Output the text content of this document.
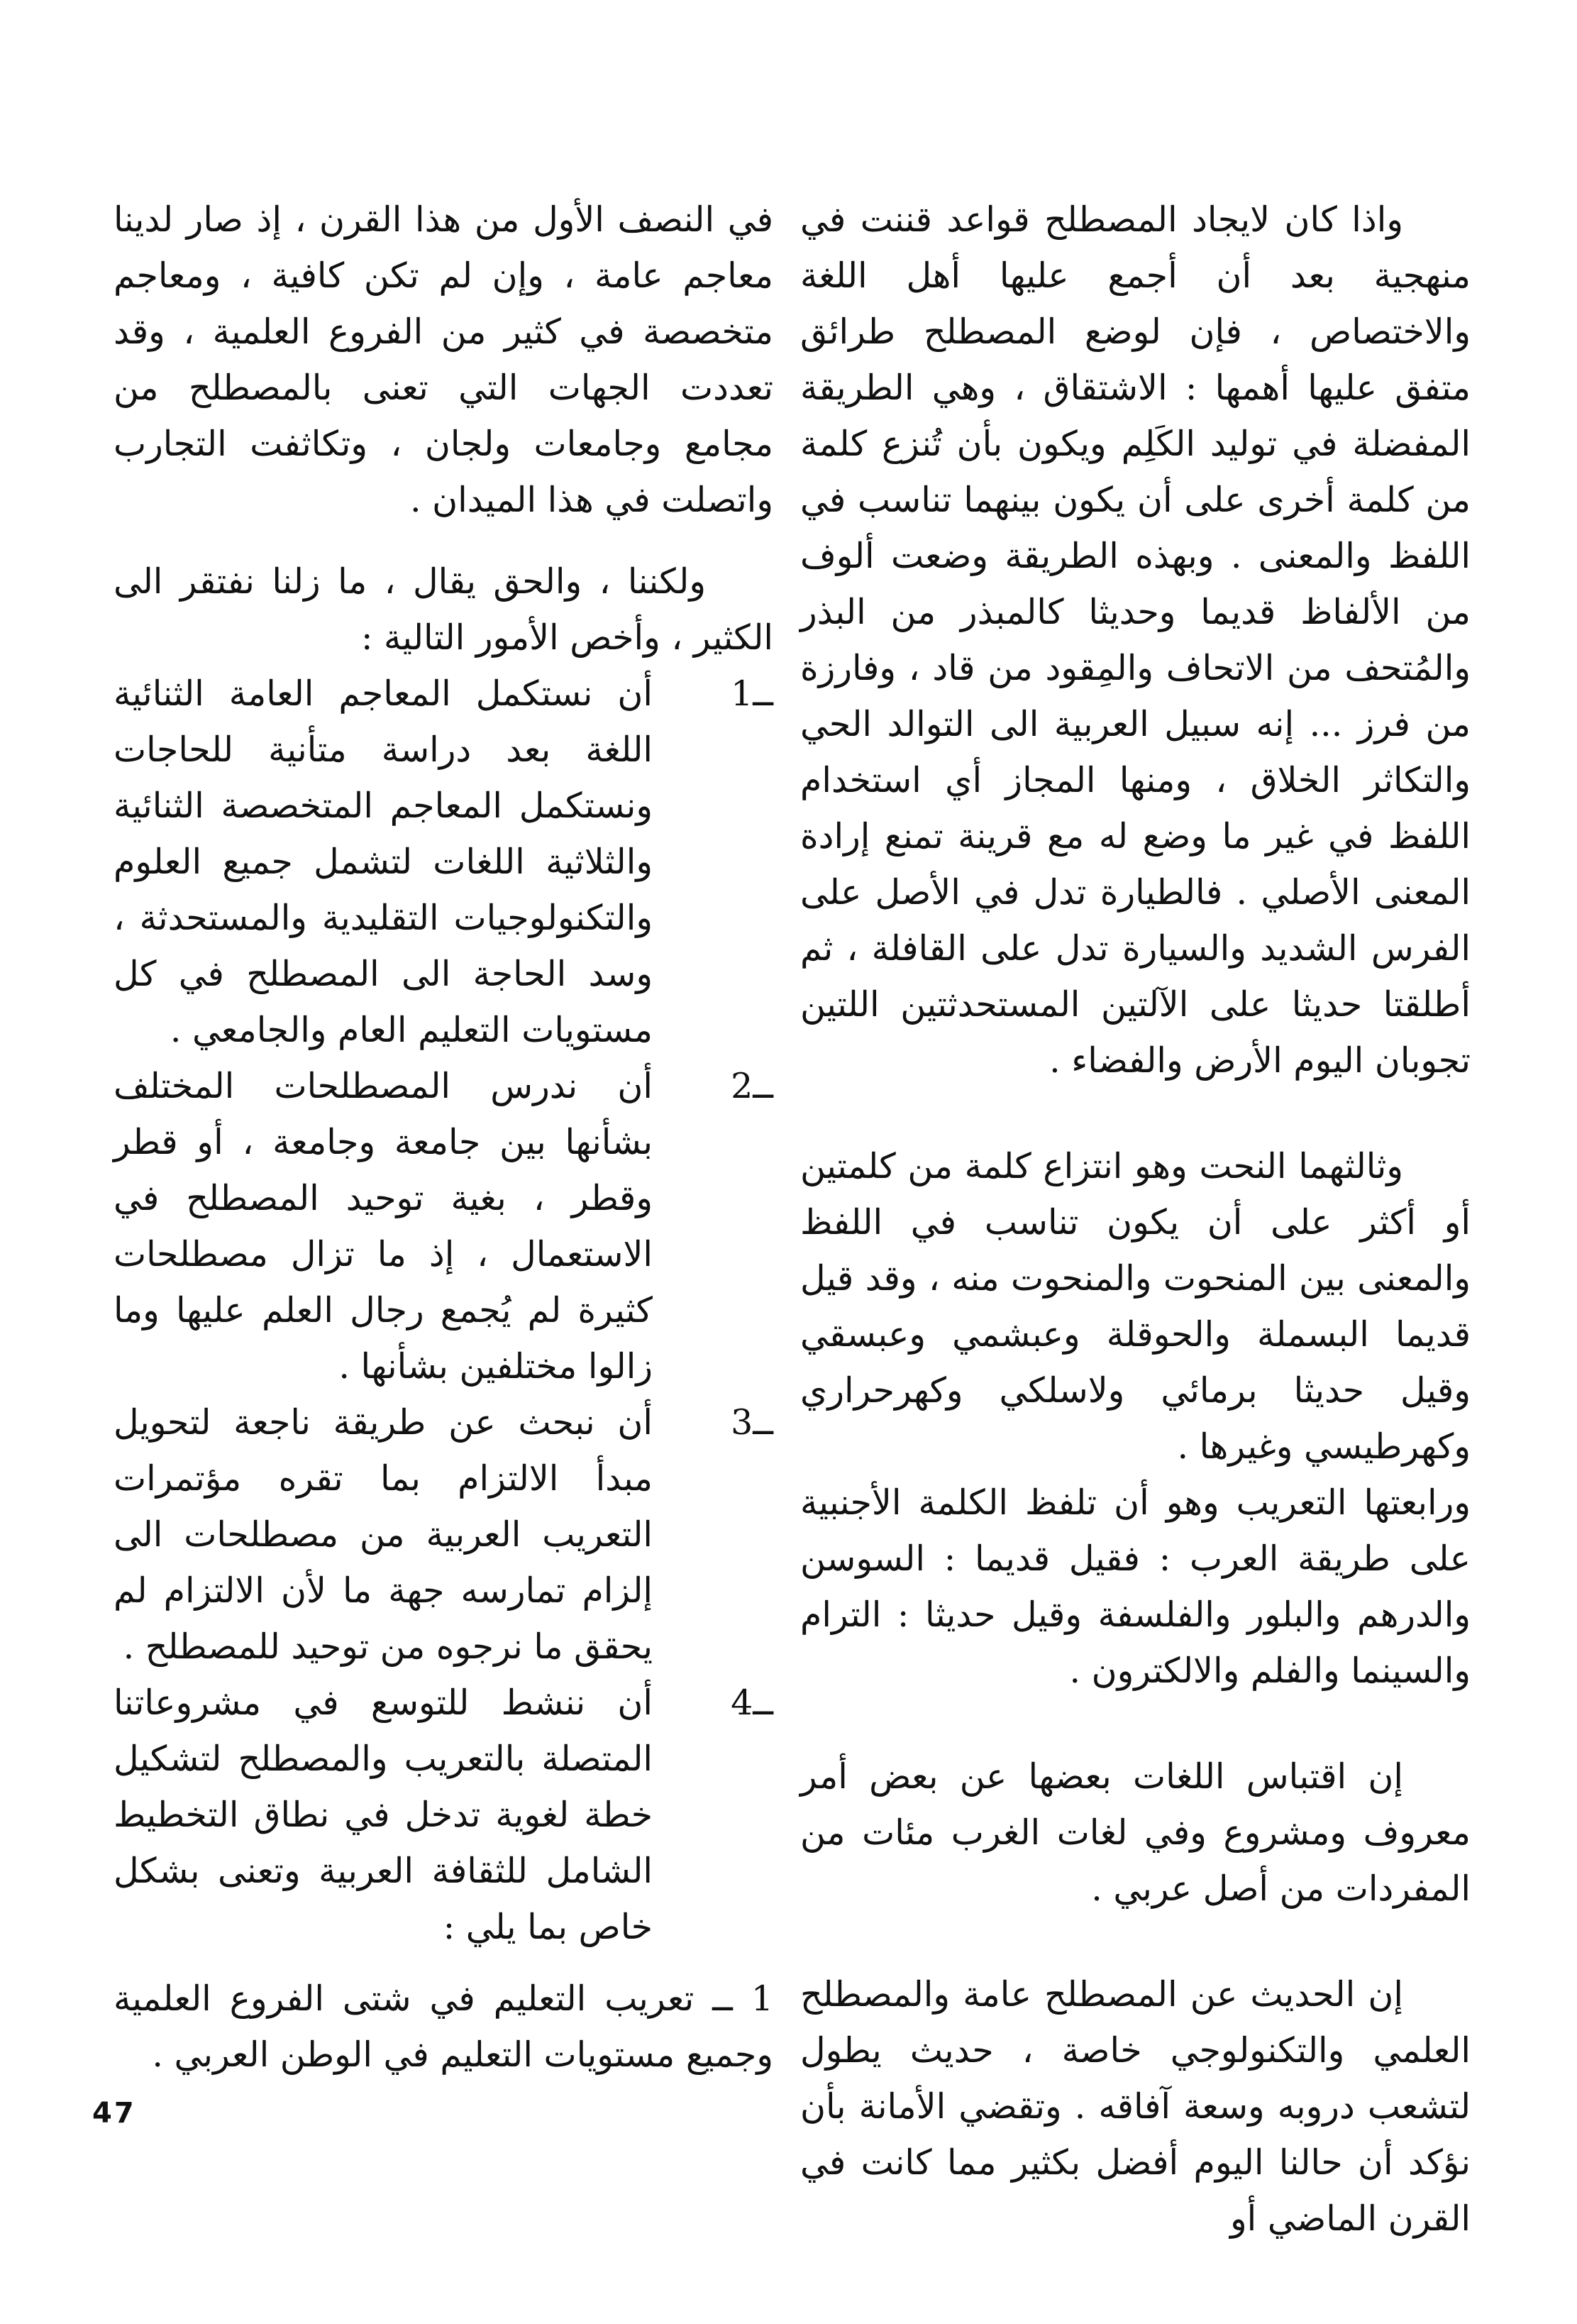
واذا كان لايجاد المصطلح قواعد قننت في منهجية بعد أن أجمع عليها أهل اللغة والاختصاص ، فإن لوضع المصطلح طرائق متفق عليها أهمها : الاشتقاق ، وهي الطريقة المفضلة في توليد الكَلِم ويكون بأن تُنزع كلمة من كلمة أخرى على أن يكون بينهما تناسب في اللفظ والمعنى . وبهذه الطريقة وضعت ألوف من الألفاظ قديما وحديثا كالمبذر من البذر والمُتحف من الاتحاف والمِقود من قاد ، وفارزة من فرز ... إنه سبيل العربية الى التوالد الحي والتكاثر الخلاق ، ومنها المجاز أي استخدام اللفظ في غير ما وضع له مع قرينة تمنع إرادة المعنى الأصلي . فالطيارة تدل في الأصل على الفرس الشديد والسيارة تدل على القافلة ، ثم أطلقتا حديثا على الآلتين المستحدثتين اللتين تجوبان اليوم الأرض والفضاء .

وثالثهما النحت وهو انتزاع كلمة من كلمتين أو أكثر على أن يكون تناسب في اللفظ والمعنى بين المنحوت والمنحوت منه ، وقد قيل قديما البسملة والحوقلة وعبشمي وعبسقي وقيل حديثا برمائي ولاسلكي وكهرحراري وكهرطيسي وغيرها .

ورابعتها التعريب وهو أن تلفظ الكلمة الأجنبية على طريقة العرب : فقيل قديما : السوسن والدرهم والبلور والفلسفة وقيل حديثا : الترام والسينما والفلم والالكترون .

إن اقتباس اللغات بعضها عن بعض أمر معروف ومشروع وفي لغات الغرب مئات من المفردات من أصل عربي .

إن الحديث عن المصطلح عامة والمصطلح العلمي والتكنولوجي خاصة ، حديث يطول لتشعب دروبه وسعة آفاقه . وتقضي الأمانة بأن نؤكد أن حالنا اليوم أفضل بكثير مما كانت في القرن الماضي أو

في النصف الأول من هذا القرن ، إذ صار لدينا معاجم عامة ، وإن لم تكن كافية ، ومعاجم متخصصة في كثير من الفروع العلمية ، وقد تعددت الجهات التي تعنى بالمصطلح من مجامع وجامعات ولجان ، وتكاثفت التجارب واتصلت في هذا الميدان .

ولكننا ، والحق يقال ، ما زلنا نفتقر الى الكثير ، وأخص الأمور التالية :

1ــ
أن نستكمل المعاجم العامة الثنائية اللغة بعد دراسة متأنية للحاجات ونستكمل المعاجم المتخصصة الثنائية والثلاثية اللغات لتشمل جميع العلوم والتكنولوجيات التقليدية والمستحدثة ، وسد الحاجة الى المصطلح في كل مستويات التعليم العام والجامعي .
2ــ
أن ندرس المصطلحات المختلف بشأنها بين جامعة وجامعة ، أو قطر وقطر ، بغية توحيد المصطلح في الاستعمال ، إذ ما تزال مصطلحات كثيرة لم يُجمع رجال العلم عليها وما زالوا مختلفين بشأنها .
3ــ
أن نبحث عن طريقة ناجعة لتحويل مبدأ الالتزام بما تقره مؤتمرات التعريب العربية من مصطلحات الى إلزام تمارسه جهة ما لأن الالتزام لم يحقق ما نرجوه من توحيد للمصطلح .
4ــ
أن ننشط للتوسع في مشروعاتنا المتصلة بالتعريب والمصطلح لتشكيل خطة لغوية تدخل في نطاق التخطيط الشامل للثقافة العربية وتعنى بشكل خاص بما يلي :

1 ــ تعريب التعليم في شتى الفروع العلمية وجميع مستويات التعليم في الوطن العربي .

47
